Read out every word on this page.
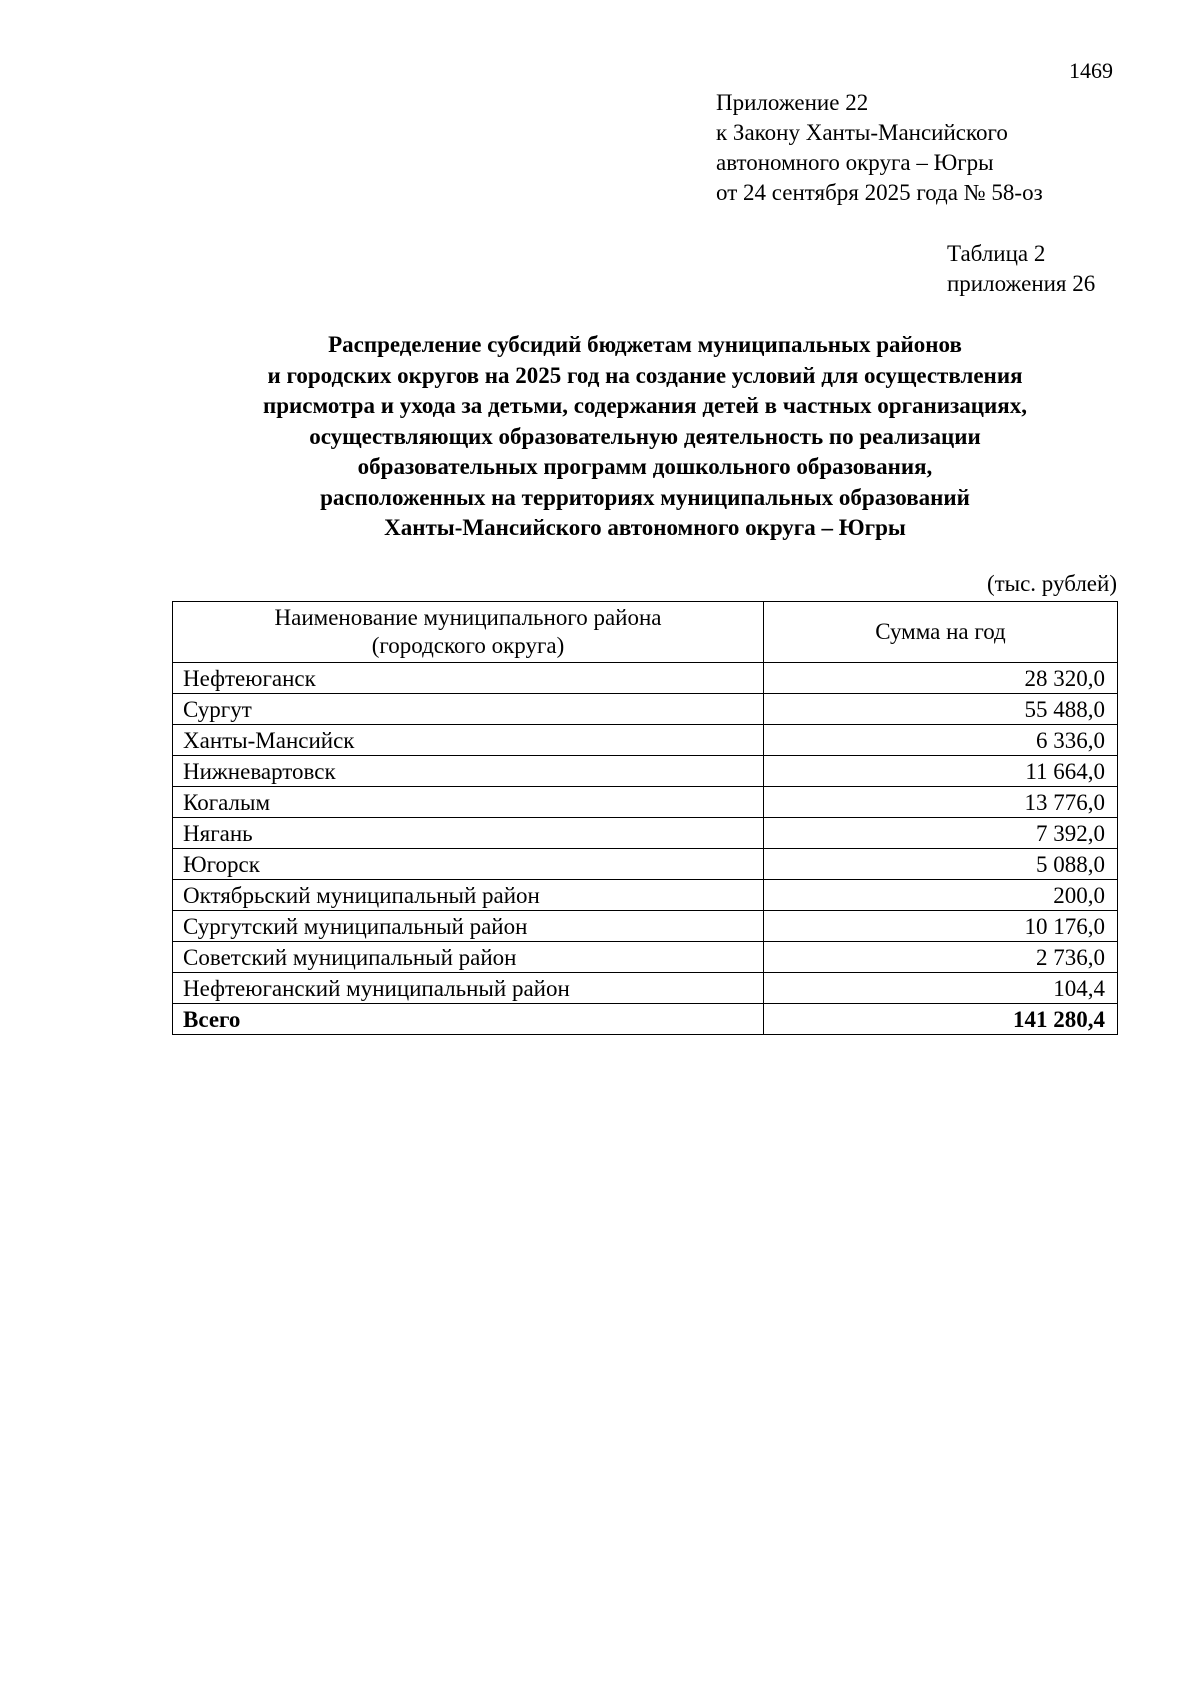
1469
Приложение 22
к Закону Ханты-Мансийского
автономного округа – Югры
от 24 сентября 2025 года № 58-оз
Таблица 2
приложения 26
Распределение субсидий бюджетам муниципальных районов
и городских округов на 2025 год на создание условий для осуществления
присмотра и ухода за детьми, содержания детей в частных организациях,
осуществляющих образовательную деятельность по реализации
образовательных программ дошкольного образования,
расположенных на территориях муниципальных образований
Ханты-Мансийского автономного округа – Югры
(тыс. рублей)
Наименование муниципального района
(городского округа)	Сумма на год
Нефтеюганск	28 320,0
Сургут	55 488,0
Ханты-Мансийск	6 336,0
Нижневартовск	11 664,0
Когалым	13 776,0
Нягань	7 392,0
Югорск	5 088,0
Октябрьский муниципальный район	200,0
Сургутский муниципальный район	10 176,0
Советский муниципальный район	2 736,0
Нефтеюганский муниципальный район	104,4
Всего	141 280,4
